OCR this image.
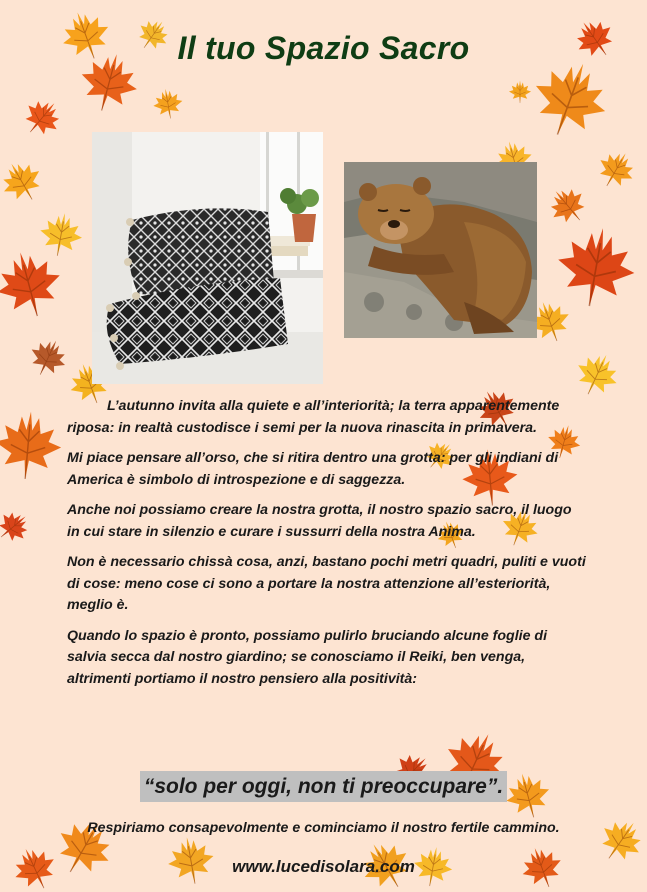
Il tuo Spazio Sacro

L’autunno invita alla quiete e all’interiorità; la terra apparentemente riposa: in realtà custodisce i semi per la nuova rinascita in primavera.

Mi piace pensare all’orso, che si ritira dentro una grotta: per gli indiani di America è simbolo di introspezione e di saggezza.

Anche noi possiamo creare la nostra grotta, il nostro spazio sacro, il luogo in cui stare in silenzio e curare i sussurri della nostra Anima.

Non è necessario chissà cosa, anzi, bastano pochi metri quadri, puliti e vuoti di cose: meno cose ci sono a portare la nostra attenzione all’esteriorità, meglio è.

Quando lo spazio è pronto, possiamo pulirlo bruciando alcune foglie di salvia secca dal nostro giardino; se conosciamo il Reiki, ben venga, altrimenti portiamo il nostro pensiero alla positività:

“solo per oggi, non ti preoccupare”.
Respiriamo consapevolmente e cominciamo il nostro fertile cammino.
www.lucedisolara.com
